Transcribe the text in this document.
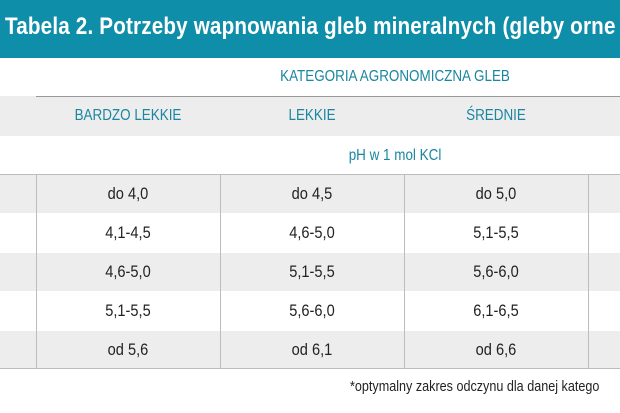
Tabela 2. Potrzeby wapnowania gleb mineralnych (gleby orne
KATEGORIA AGRONOMICZNA GLEB
BARDZO LEKKIE	LEKKIE	ŚREDNIE
pH w 1 mol KCl
do 4,0	do 4,5	do 5,0
4,1-4,5	4,6-5,0	5,1-5,5
4,6-5,0	5,1-5,5	5,6-6,0
5,1-5,5	5,6-6,0	6,1-6,5
od 5,6	od 6,1	od 6,6
*optymalny zakres odczynu dla danej katego
